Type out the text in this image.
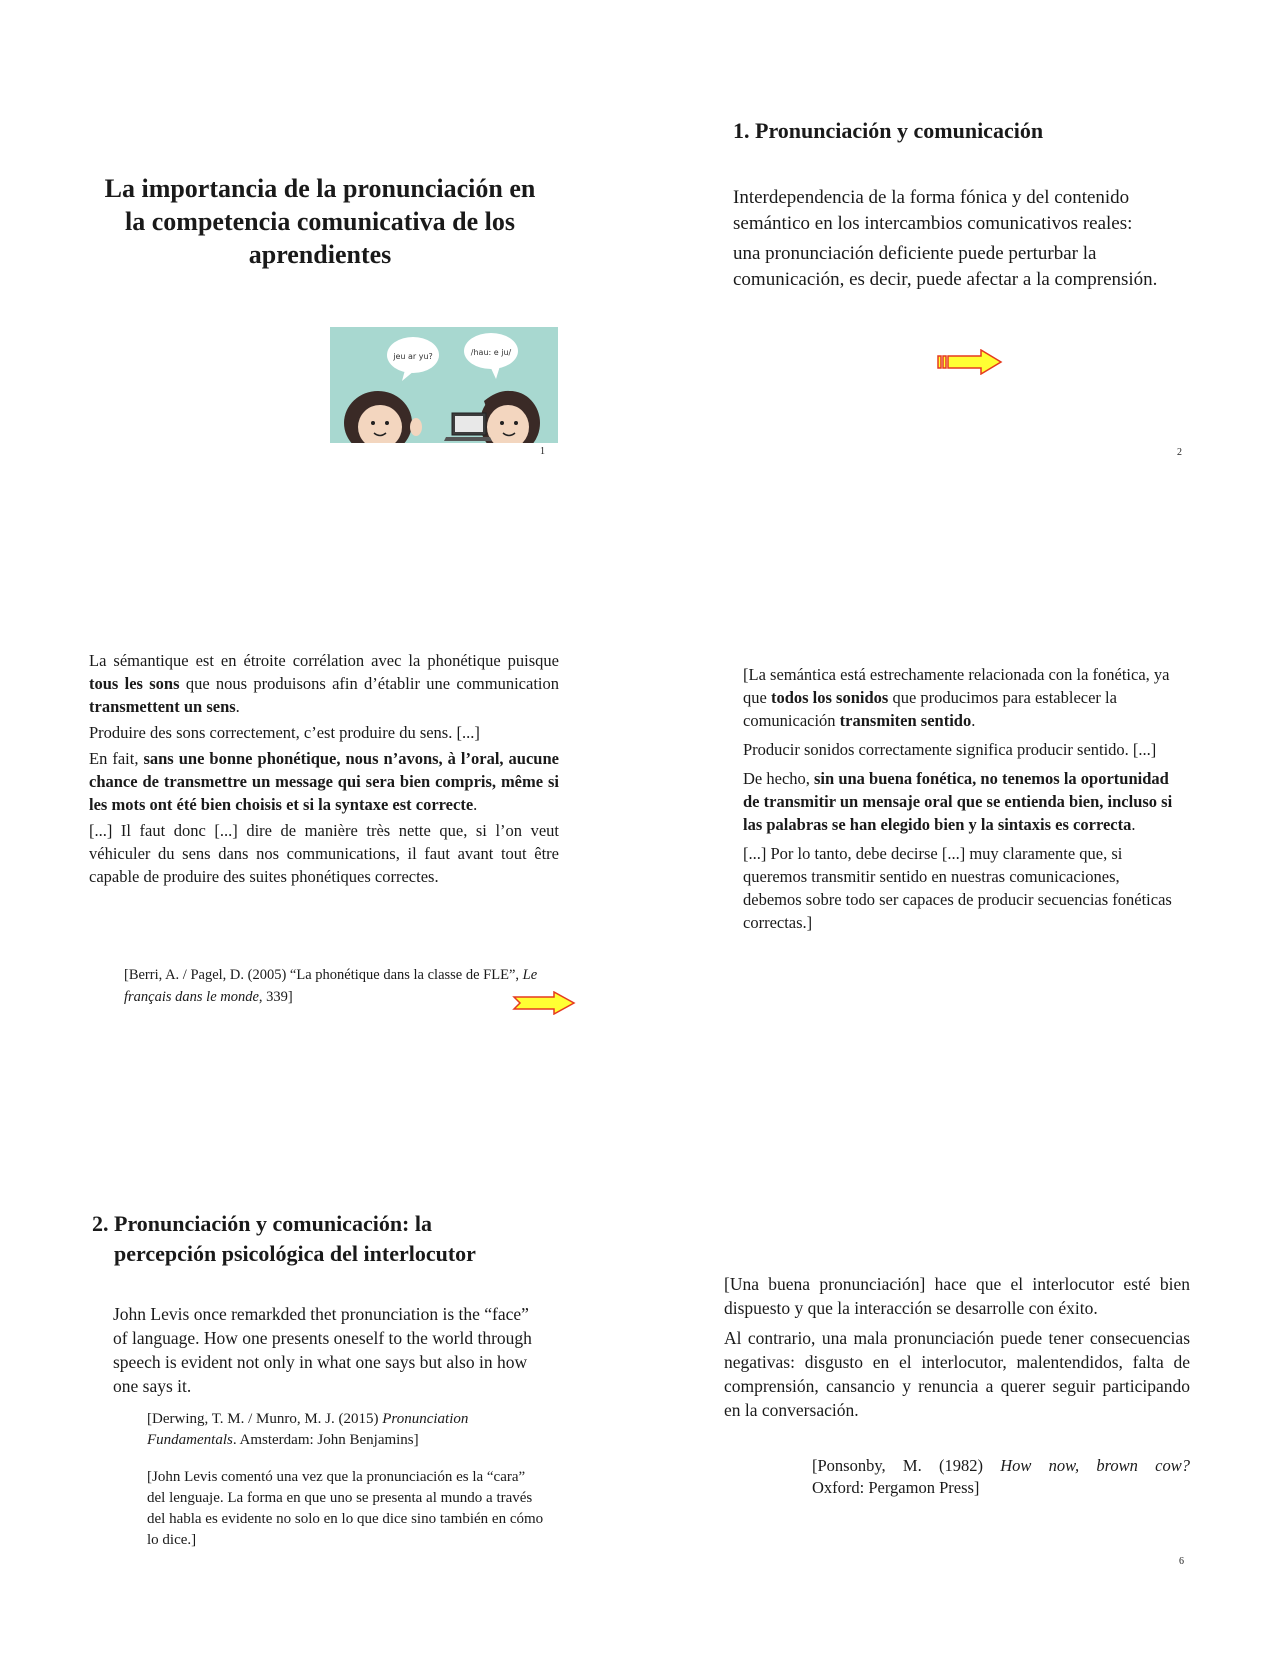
La importancia de la pronunciación en la competencia comunicativa de los aprendientes
jeu ar yu?	/hau: e ju/
1
1. Pronunciación y comunicación

Interdependencia de la forma fónica y del contenido semántico en los intercambios comunicativos reales:

una pronunciación deficiente puede perturbar la comunicación, es decir, puede afectar a la comprensión.

2

La sémantique est en étroite corrélation avec la phonétique puisque tous les sons que nous produisons afin d’établir une communication transmettent un sens.

Produire des sons correctement, c’est produire du sens. [...]

En fait, sans une bonne phonétique, nous n’avons, à l’oral, aucune chance de transmettre un message qui sera bien compris, même si les mots ont été bien choisis et si la syntaxe est correcte.

[...] Il faut donc [...] dire de manière très nette que, si l’on veut véhiculer du sens dans nos communications, il faut avant tout être capable de produire des suites phonétiques correctes.

[Berri, A. / Pagel, D. (2005) “La phonétique dans la classe de FLE”, Le français dans le monde, 339]

[La semántica está estrechamente relacionada con la fonética, ya que todos los sonidos que producimos para establecer la comunicación transmiten sentido.

Producir sonidos correctamente significa producir sentido. [...]

De hecho, sin una buena fonética, no tenemos la oportunidad de transmitir un mensaje oral que se entienda bien, incluso si las palabras se han elegido bien y la sintaxis es correcta.

[...] Por lo tanto, debe decirse [...] muy claramente que, si queremos transmitir sentido en nuestras comunicaciones, debemos sobre todo ser capaces de producir secuencias fonéticas correctas.]

2. Pronunciación y comunicación: la
percepción psicológica del interlocutor
John Levis once remarkded thet pronunciation is the “face” of language. How one presents oneself to the world through speech is evident not only in what one says but also in how one says it.
[Derwing, T. M. / Munro, M. J. (2015) Pronunciation Fundamentals. Amsterdam: John Benjamins]
[John Levis comentó una vez que la pronunciación es la “cara” del lenguaje. La forma en que uno se presenta al mundo a través del habla es evidente no solo en lo que dice sino también en cómo lo dice.]

[Una buena pronunciación] hace que el interlocutor esté bien dispuesto y que la interacción se desarrolle con éxito.

Al contrario, una mala pronunciación puede tener consecuencias negativas: disgusto en el interlocutor, malentendidos, falta de comprensión, cansancio y renuncia a querer seguir participando en la conversación.

[Ponsonby, M. (1982) How now, brown cow?
Oxford: Pergamon Press]
6
